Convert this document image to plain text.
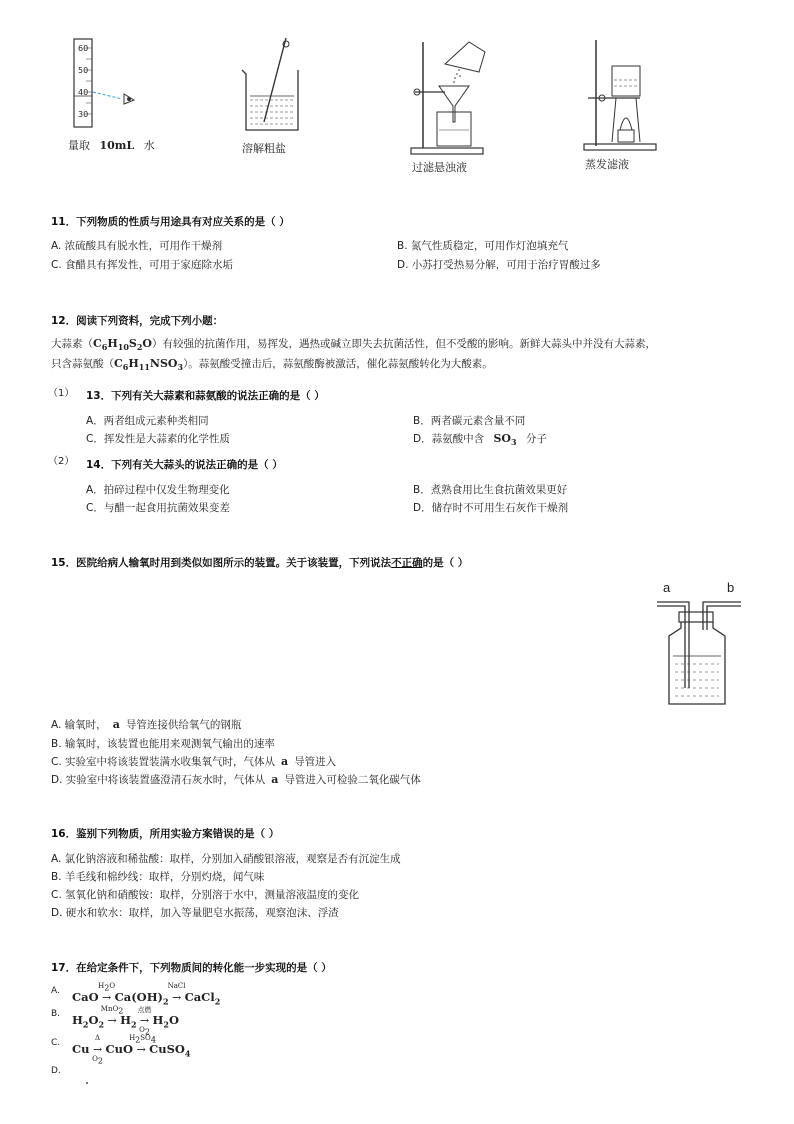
60
50
40
30
量取 10mL 水	溶解粗盐
过滤悬浊液	蒸发滤液
11．下列物质的性质与用途具有对应关系的是（ ）
A. 浓硫酸具有脱水性，可用作干燥剂	B. 氮气性质稳定，可用作灯泡填充气
C. 食醋具有挥发性，可用于家庭除水垢	D. 小苏打受热易分解，可用于治疗胃酸过多
12．阅读下列资料，完成下列小题：
大蒜素$(C_6H_{10}S_2O)$有较强的抗菌作用，易挥发，遇热或碱立即失去抗菌活性，但不受酸的影响。新鲜大蒜头中并没有大蒜素，
只含蒜氨酸$(C_6H_{11}NSO_3)$。蒜氨酸受撞击后，蒜氨酸酶被激活，催化蒜氨酸转化为大酸素。
（1） 13．下列有关大蒜素和蒜氨酸的说法正确的是（ ）
A．两者组成元素种类相同	B．两者碳元素含量不同
C．挥发性是大蒜素的化学性质	D．蒜氨酸中含 $SO_3$ 分子
（2） 14．下列有关大蒜头的说法正确的是（ ）
A．拍碎过程中仅发生物理变化	B．煮熟食用比生食抗菌效果更好
C．与醋一起食用抗菌效果变差	D．储存时不可用生石灰作干燥剂
15．医院给病人输氧时用到类似如图所示的装置。关于该装置，下列说法不正确的是（ ）
a	b
A. 输氧时， a 导管连接供给氧气的钢瓶
B. 输氧时，该装置也能用来观测氧气输出的速率
C. 实验室中将该装置装满水收集氧气时，气体从 a 导管进入
D. 实验室中将该装置盛澄清石灰水时，气体从 a 导管进入可检验二氧化碳气体
16．鉴别下列物质，所用实验方案错误的是（ ）
A. 氯化钠溶液和稀盐酸：取样，分别加入硝酸银溶液，观察是否有沉淀生成
B. 羊毛线和棉纱线：取样，分别灼烧，闻气味
C. 氢氧化钠和硝酸铵：取样，分别溶于水中，测量溶液温度的变化
D. 硬水和软水：取样，加入等量肥皂水振荡，观察泡沫、浮渣
17．在给定条件下，下列物质间的转化能一步实现的是（ ）
A. CaO →
$H_2O$
$Ca(OH)_2$ →
NaCl
CaCl$_2$
B. $H_2O_2$ →
MnO$_2$
$H_2$ →
点燃
$O_2$
$H_2O$
C. Cu →
Δ
$O_2$
CuO →
$H_2SO_4$
CuSO$_4$
D.
